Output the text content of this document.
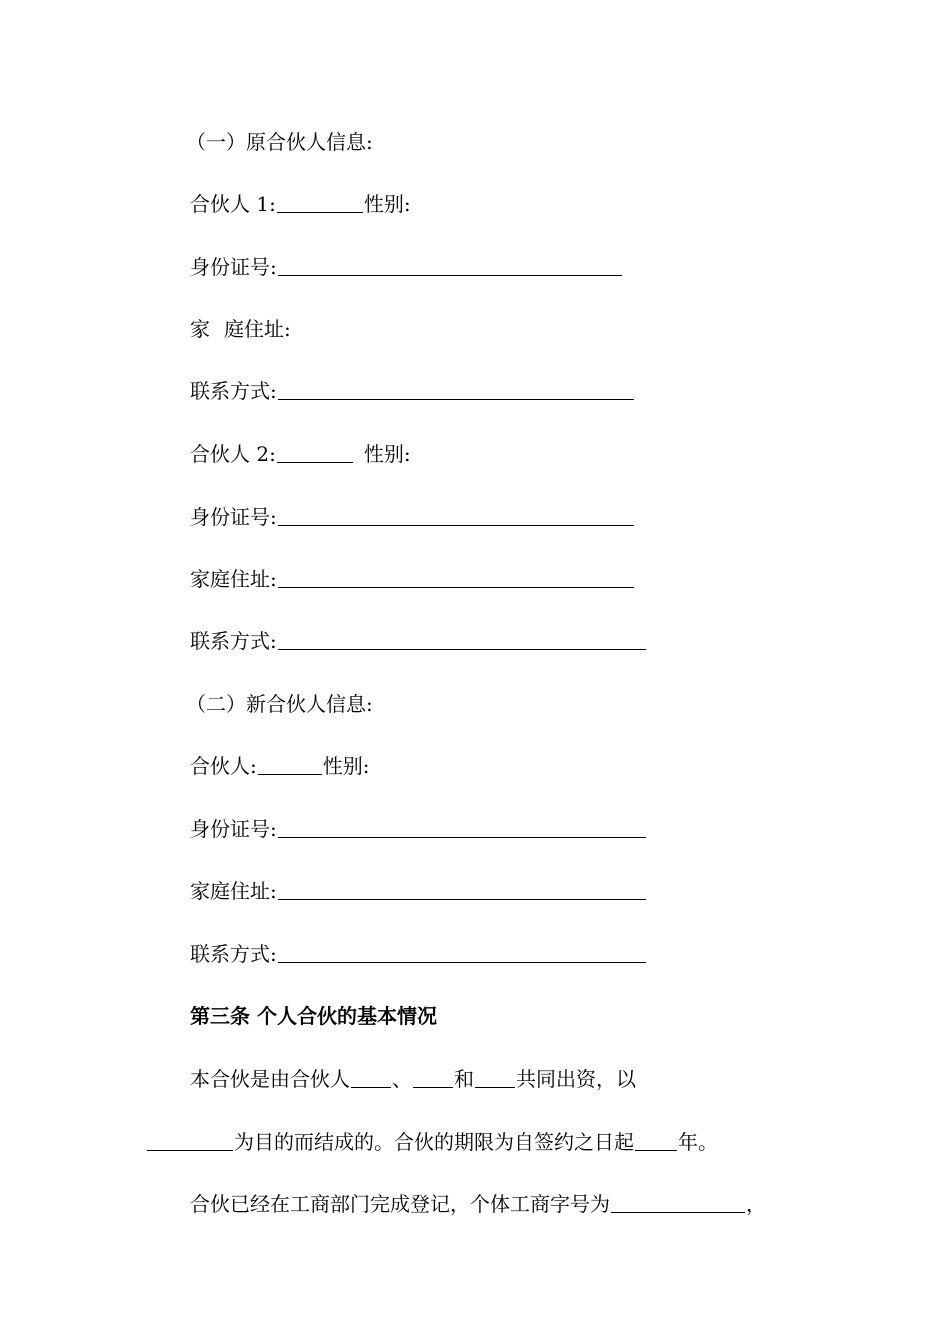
（一）原合伙人信息:
合伙人 1:	性别:
身份证号:
家 庭住址:
联系方式:
合伙人 2:	性别:
身份证号:
家庭住址:
联系方式:
（二）新合伙人信息:
合伙人:	性别:
身份证号:
家庭住址:
联系方式:
第三条 个人合伙的基本情况
本合伙是由合伙人 、 和 共同出资，以
为目的而结成的。合伙的期限为自签约之日起 年。
合伙已经在工商部门完成登记，个体工商字号为	，
